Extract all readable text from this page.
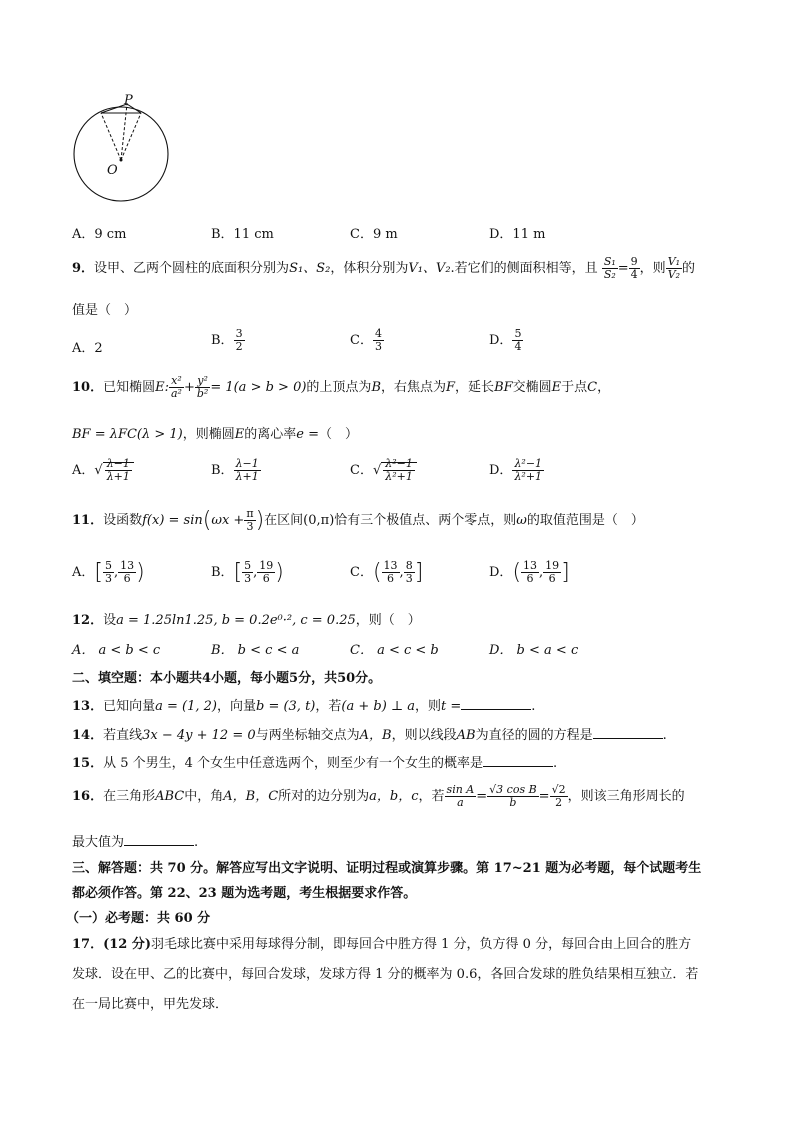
P
O
A．9 cm	B．11 cm	C．9 m	D．11 m
9．设甲、乙两个圆柱的底面积分别为S₁、S₂，体积分别为V₁、V₂.若它们的侧面积相等，且 $\frac{\text{S₁}}{\text{S₂}} = \frac{9}{4}$ ，则 $\frac{\text{V₁}}{\text{V₂}}$ 的
值是（　）
A．2
B． $\frac{3}{2}$	C． $\frac{4}{3}$	D． $\frac{5}{4}$
10．已知椭圆E: $\frac{\text{x²}}{\text{a²}} + \frac{\text{y²}}{\text{b²}} = 1(a > b > 0)$的上顶点为B，右焦点为F，延长BF交椭圆E于点C，
BF = λFC(λ > 1)，则椭圆E的离心率e =（　）
A．√ $\frac{\lambda-1}{\lambda+1}$	B． $\frac{\lambda-1}{\lambda+1}$	C．√ $\frac{\text{λ²−1}}{\text{λ²+1}}$	D． $\frac{\text{λ²−1}}{\text{λ²+1}}$
11．设函数$f(x) = \sin(\omega x + \frac{\pi}{3}$ )在区间(0,π)恰有三个极值点、两个零点，则ω的取值范围是（　）
A．[ $\frac{5}{3}$ , $\frac{13}{6}$ )	B．[ $\frac{5}{3}$ , $\frac{19}{6}$ )	C．( $\frac{13}{6}$ , $\frac{8}{3}$ ]	D．( $\frac{13}{6}$ , $\frac{19}{6}$ ]
12．设a = 1.25ln1.25, b = 0.2e⁰·², c = 0.25，则（　）
A． a < b < c	B． b < c < a	C． a < c < b	D． b < a < c
二、填空题：本小题共4小题，每小题5分，共50分。
13．已知向量a = (1, 2)，向量b = (3, t)，若(a + b) ⊥ a，则t =	.
14．若直线3x − 4y + 12 = 0与两坐标轴交点为A，B，则以线段AB为直径的圆的方程是	.
15．从 5 个男生，4 个女生中任意选两个，则至少有一个女生的概率是	.
16．在三角形ABC中，角A，B，C所对的边分别为a，b，c，若 $\frac{\text{sin A}}{a} = \frac{\text{√3 cos B}}{b} = \frac{√2}{2}$ ，则该三角形周长的
最大值为	.
三、解答题：共 70 分。解答应写出文字说明、证明过程或演算步骤。第 17~21 题为必考题，每个试题考生
都必须作答。第 22、23 题为选考题，考生根据要求作答。
（一）必考题：共 60 分
17．(12 分)羽毛球比赛中采用每球得分制，即每回合中胜方得 1 分，负方得 0 分，每回合由上回合的胜方
发球．设在甲、乙的比赛中，每回合发球，发球方得 1 分的概率为 0.6，各回合发球的胜负结果相互独立．若
在一局比赛中，甲先发球．
